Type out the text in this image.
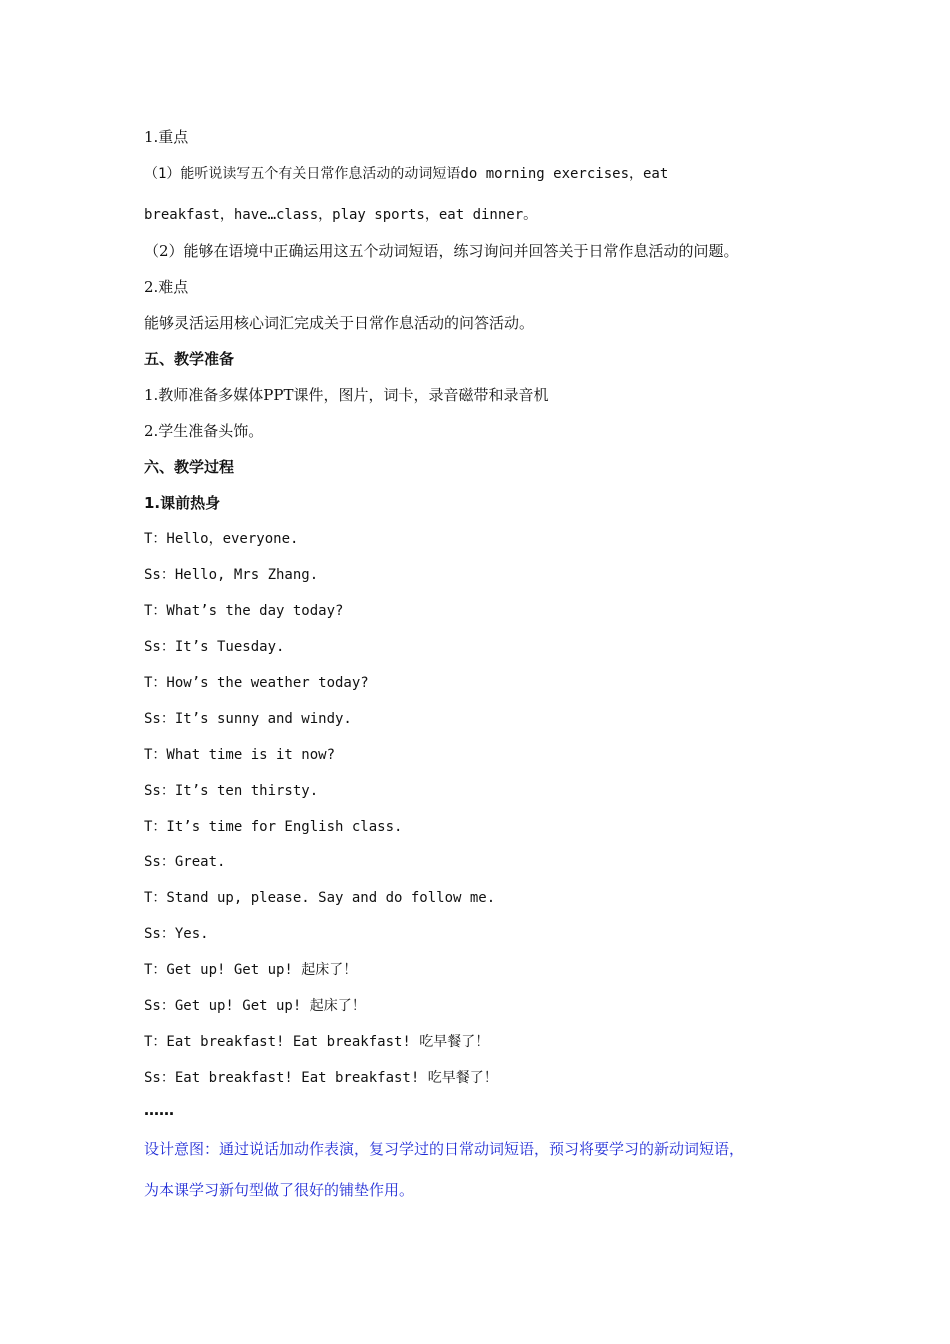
1.重点
（1）能听说读写五个有关日常作息活动的动词短语do morning exercises，eat
breakfast，have…class，play sports，eat dinner。
（2）能够在语境中正确运用这五个动词短语，练习询问并回答关于日常作息活动的问题。
2.难点
能够灵活运用核心词汇完成关于日常作息活动的问答活动。
五、教学准备
1.教师准备多媒体PPT课件，图片，词卡，录音磁带和录音机
2.学生准备头饰。
六、教学过程
1.课前热身
T：Hello，everyone.
Ss：Hello, Mrs Zhang.
T：What’s the day today?
Ss：It’s Tuesday.
T：How’s the weather today?
Ss：It’s sunny and windy.
T：What time is it now?
Ss：It’s ten thirsty.
T：It’s time for English class.
Ss：Great.
T：Stand up, please. Say and do follow me.
Ss：Yes.
T：Get up! Get up! 起床了！
Ss：Get up! Get up! 起床了！
T：Eat breakfast! Eat breakfast! 吃早餐了！
Ss：Eat breakfast! Eat breakfast! 吃早餐了！
……
设计意图：通过说话加动作表演，复习学过的日常动词短语，预习将要学习的新动词短语，
为本课学习新句型做了很好的铺垫作用。
